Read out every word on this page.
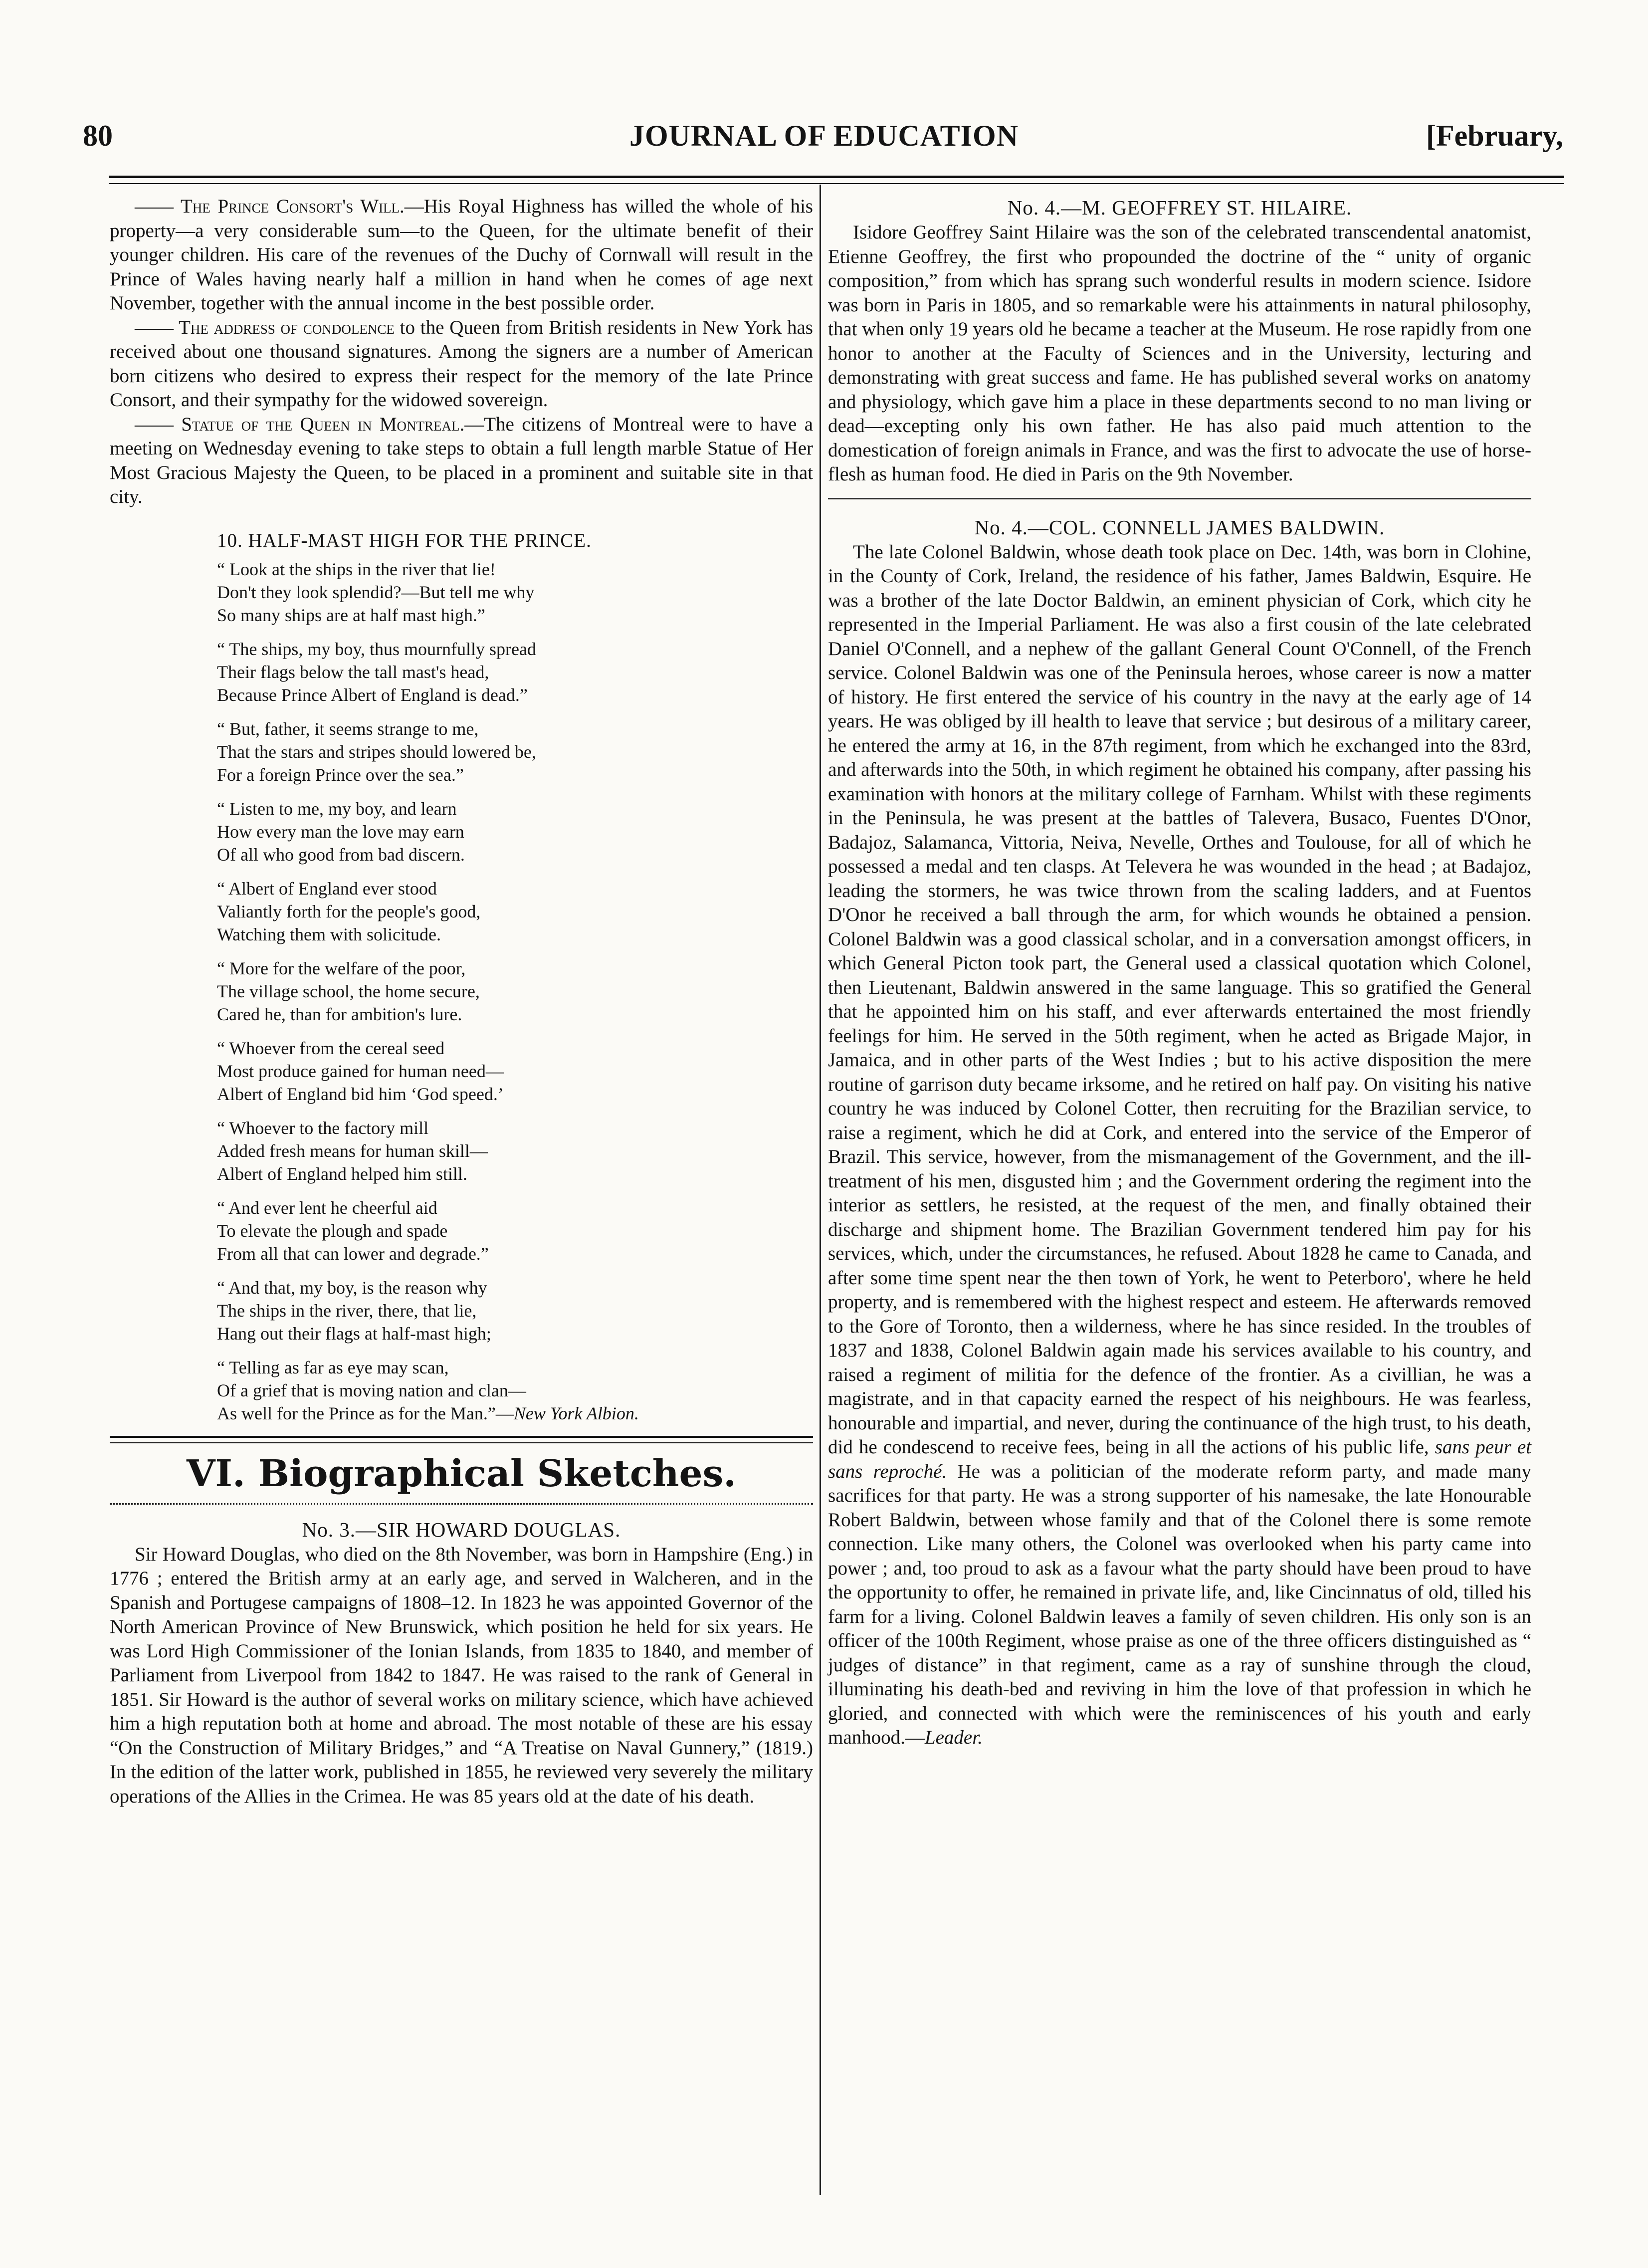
80	JOURNAL OF EDUCATION	[February,

—— The Prince Consort's Will.—His Royal Highness has willed the whole of his property—a very considerable sum—to the Queen, for the ultimate benefit of their younger children. His care of the revenues of the Duchy of Cornwall will result in the Prince of Wales having nearly half a million in hand when he comes of age next November, together with the annual income in the best possible order.

—— The address of condolence to the Queen from British residents in New York has received about one thousand signatures. Among the signers are a number of American born citizens who desired to express their respect for the memory of the late Prince Consort, and their sympathy for the widowed sovereign.

—— Statue of the Queen in Montreal.—The citizens of Montreal were to have a meeting on Wednesday evening to take steps to obtain a full length marble Statue of Her Most Gracious Majesty the Queen, to be placed in a prominent and suitable site in that city.

10. HALF-MAST HIGH FOR THE PRINCE.
“ Look at the ships in the river that lie!
Don't they look splendid?—But tell me why
So many ships are at half mast high.”
“ The ships, my boy, thus mournfully spread
Their flags below the tall mast's head,
Because Prince Albert of England is dead.”
“ But, father, it seems strange to me,
That the stars and stripes should lowered be,
For a foreign Prince over the sea.”
“ Listen to me, my boy, and learn
How every man the love may earn
Of all who good from bad discern.
“ Albert of England ever stood
Valiantly forth for the people's good,
Watching them with solicitude.
“ More for the welfare of the poor,
The village school, the home secure,
Cared he, than for ambition's lure.
“ Whoever from the cereal seed
Most produce gained for human need—
Albert of England bid him ‘God speed.’
“ Whoever to the factory mill
Added fresh means for human skill—
Albert of England helped him still.
“ And ever lent he cheerful aid
To elevate the plough and spade
From all that can lower and degrade.”
“ And that, my boy, is the reason why
The ships in the river, there, that lie,
Hang out their flags at half-mast high;
“ Telling as far as eye may scan,
Of a grief that is moving nation and clan—
As well for the Prince as for the Man.”—New York Albion.
VI. Biographical Sketches.
No. 3.—SIR HOWARD DOUGLAS.

Sir Howard Douglas, who died on the 8th November, was born in Hampshire (Eng.) in 1776 ; entered the British army at an early age, and served in Walcheren, and in the Spanish and Portugese campaigns of 1808–12. In 1823 he was appointed Governor of the North American Province of New Brunswick, which position he held for six years. He was Lord High Commissioner of the Ionian Islands, from 1835 to 1840, and member of Parliament from Liverpool from 1842 to 1847. He was raised to the rank of General in 1851. Sir Howard is the author of several works on military science, which have achieved him a high reputation both at home and abroad. The most notable of these are his essay “On the Construction of Military Bridges,” and “A Treatise on Naval Gunnery,” (1819.) In the edition of the latter work, published in 1855, he reviewed very severely the military operations of the Allies in the Crimea. He was 85 years old at the date of his death.

No. 4.—M. GEOFFREY ST. HILAIRE.

Isidore Geoffrey Saint Hilaire was the son of the celebrated transcendental anatomist, Etienne Geoffrey, the first who propounded the doctrine of the “ unity of organic composition,” from which has sprang such wonderful results in modern science. Isidore was born in Paris in 1805, and so remarkable were his attainments in natural philosophy, that when only 19 years old he became a teacher at the Museum. He rose rapidly from one honor to another at the Faculty of Sciences and in the University, lecturing and demonstrating with great success and fame. He has published several works on anatomy and physiology, which gave him a place in these departments second to no man living or dead—excepting only his own father. He has also paid much attention to the domestication of foreign animals in France, and was the first to advocate the use of horse-flesh as human food. He died in Paris on the 9th November.

No. 4.—COL. CONNELL JAMES BALDWIN.

The late Colonel Baldwin, whose death took place on Dec. 14th, was born in Clohine, in the County of Cork, Ireland, the residence of his father, James Baldwin, Esquire. He was a brother of the late Doctor Baldwin, an eminent physician of Cork, which city he represented in the Imperial Parliament. He was also a first cousin of the late celebrated Daniel O'Connell, and a nephew of the gallant General Count O'Connell, of the French service. Colonel Baldwin was one of the Peninsula heroes, whose career is now a matter of history. He first entered the service of his country in the navy at the early age of 14 years. He was obliged by ill health to leave that service ; but desirous of a military career, he entered the army at 16, in the 87th regiment, from which he exchanged into the 83rd, and afterwards into the 50th, in which regiment he obtained his company, after passing his examination with honors at the military college of Farnham. Whilst with these regiments in the Peninsula, he was present at the battles of Talevera, Busaco, Fuentes D'Onor, Badajoz, Salamanca, Vittoria, Neiva, Nevelle, Orthes and Toulouse, for all of which he possessed a medal and ten clasps. At Televera he was wounded in the head ; at Badajoz, leading the stormers, he was twice thrown from the scaling ladders, and at Fuentos D'Onor he received a ball through the arm, for which wounds he obtained a pension. Colonel Baldwin was a good classical scholar, and in a conversation amongst officers, in which General Picton took part, the General used a classical quotation which Colonel, then Lieutenant, Baldwin answered in the same language. This so gratified the General that he appointed him on his staff, and ever afterwards entertained the most friendly feelings for him. He served in the 50th regiment, when he acted as Brigade Major, in Jamaica, and in other parts of the West Indies ; but to his active disposition the mere routine of garrison duty became irksome, and he retired on half pay. On visiting his native country he was induced by Colonel Cotter, then recruiting for the Brazilian service, to raise a regiment, which he did at Cork, and entered into the service of the Emperor of Brazil. This service, however, from the mismanagement of the Government, and the ill-treatment of his men, disgusted him ; and the Government ordering the regiment into the interior as settlers, he resisted, at the request of the men, and finally obtained their discharge and shipment home. The Brazilian Government tendered him pay for his services, which, under the circumstances, he refused. About 1828 he came to Canada, and after some time spent near the then town of York, he went to Peterboro', where he held property, and is remembered with the highest respect and esteem. He afterwards removed to the Gore of Toronto, then a wilderness, where he has since resided. In the troubles of 1837 and 1838, Colonel Baldwin again made his services available to his country, and raised a regiment of militia for the defence of the frontier. As a civillian, he was a magistrate, and in that capacity earned the respect of his neighbours. He was fearless, honourable and impartial, and never, during the continuance of the high trust, to his death, did he condescend to receive fees, being in all the actions of his public life, sans peur et sans reproché. He was a politician of the moderate reform party, and made many sacrifices for that party. He was a strong supporter of his namesake, the late Honourable Robert Baldwin, between whose family and that of the Colonel there is some remote connection. Like many others, the Colonel was overlooked when his party came into power ; and, too proud to ask as a favour what the party should have been proud to have the opportunity to offer, he remained in private life, and, like Cincinnatus of old, tilled his farm for a living. Colonel Baldwin leaves a family of seven children. His only son is an officer of the 100th Regiment, whose praise as one of the three officers distinguished as “ judges of distance” in that regiment, came as a ray of sunshine through the cloud, illuminating his death-bed and reviving in him the love of that profession in which he gloried, and connected with which were the reminiscences of his youth and early manhood.—Leader.
